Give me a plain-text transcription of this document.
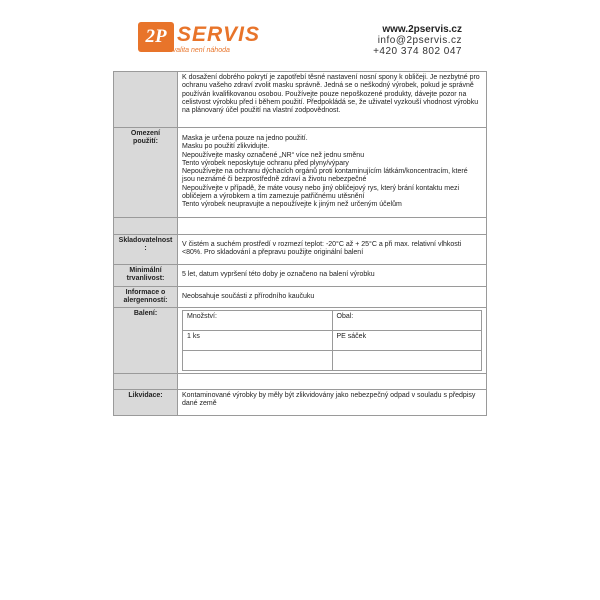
2P SERVIS
Kvalita není náhoda
www.2pservis.cz
info@2pservis.cz
+420 374 802 047
	K dosažení dobrého pokrytí je zapotřebí těsné nastavení nosní spony k obličeji. Je nezbytné pro ochranu vašeho zdraví zvolit masku správně. Jedná se o neškodný výrobek, pokud je správně používán kvalifikovanou osobou. Používejte pouze nepoškozené produkty, dávejte pozor na celistvost výrobku před i během použití. Předpokládá se, že uživatel vyzkouší vhodnost výrobku na plánovaný účel použití na vlastní zodpovědnost.
Omezení použití:	Maska je určena pouze na jedno použití.
Masku po použití zlikvidujte.
Nepoužívejte masky označené „NR“ více než jednu směnu
Tento výrobek neposkytuje ochranu před plyny/výpary
Nepoužívejte na ochranu dýchacích orgánů proti kontaminujícím látkám/koncentracím, které jsou neznámé či bezprostředně zdraví a životu nebezpečné
Nepoužívejte v případě, že máte vousy nebo jiný obličejový rys, který brání kontaktu mezi obličejem a výrobkem a tím zamezuje patřičnému utěsnění
Tento výrobek neupravujte a nepoužívejte k jiným než určeným účelům

Skladovatelnost:	V čistém a suchém prostředí v rozmezí teplot: -20°C až + 25°C a při max. relativní vlhkosti <80%. Pro skladování a přepravu použijte originální balení
Minimální trvanlivost:	5 let, datum vypršení této doby je označeno na balení výrobku
Informace o alergenností:	Neobsahuje součásti z přírodního kaučuku
Balení:		Množství:	Obal:
1 ks	PE sáček

Likvidace:	Kontaminované výrobky by měly být zlikvidovány jako nebezpečný odpad v souladu s předpisy dané země
